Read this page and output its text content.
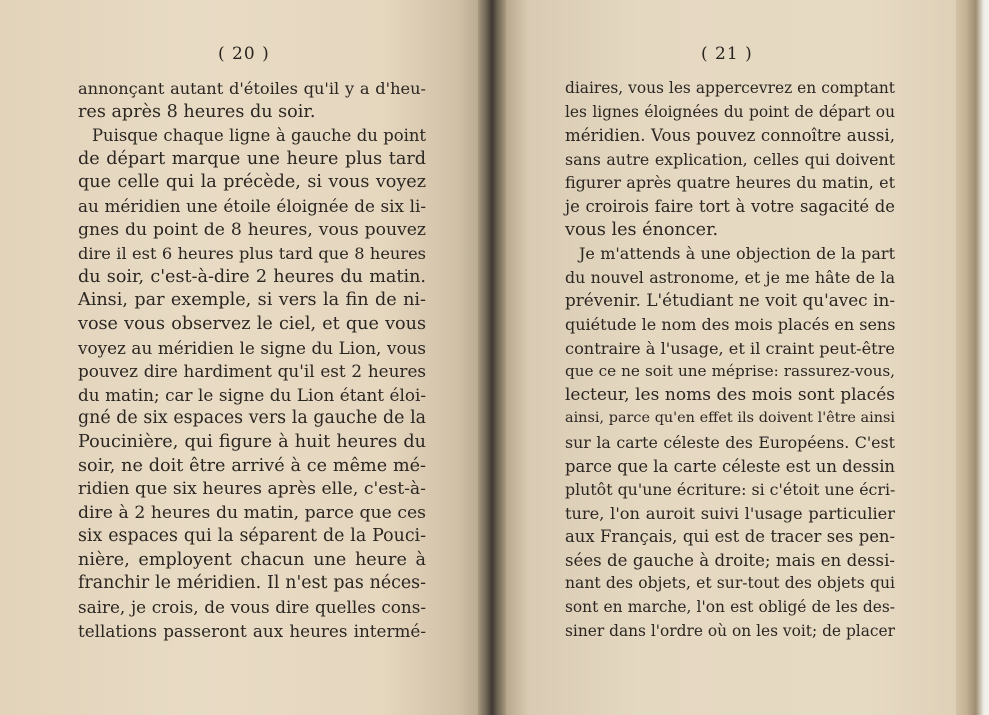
( 20 )
annonçant autant d'étoiles qu'il y a d'heu-
res après 8 heures du soir.
Puisque chaque ligne à gauche du point
de départ marque une heure plus tard
que celle qui la précède, si vous voyez
au méridien une étoile éloignée de six li-
gnes du point de 8 heures, vous pouvez
dire il est 6 heures plus tard que 8 heures
du soir, c'est-à-dire 2 heures du matin.
Ainsi, par exemple, si vers la fin de ni-
vose vous observez le ciel, et que vous
voyez au méridien le signe du Lion, vous
pouvez dire hardiment qu'il est 2 heures
du matin; car le signe du Lion étant éloi-
gné de six espaces vers la gauche de la
Poucinière, qui figure à huit heures du
soir, ne doit être arrivé à ce même mé-
ridien que six heures après elle, c'est-à-
dire à 2 heures du matin, parce que ces
six espaces qui la séparent de la Pouci-
nière, employent chacun une heure à
franchir le méridien. Il n'est pas néces-
saire, je crois, de vous dire quelles cons-
tellations passeront aux heures intermé-
( 21 )
diaires, vous les appercevrez en comptant
les lignes éloignées du point de départ ou
méridien. Vous pouvez connoître aussi,
sans autre explication, celles qui doivent
figurer après quatre heures du matin, et
je croirois faire tort à votre sagacité de
vous les énoncer.
Je m'attends à une objection de la part
du nouvel astronome, et je me hâte de la
prévenir. L'étudiant ne voit qu'avec in-
quiétude le nom des mois placés en sens
contraire à l'usage, et il craint peut-être
que ce ne soit une méprise: rassurez-vous,
lecteur, les noms des mois sont placés
ainsi, parce qu'en effet ils doivent l'être ainsi
sur la carte céleste des Européens. C'est
parce que la carte céleste est un dessin
plutôt qu'une écriture: si c'étoit une écri-
ture, l'on auroit suivi l'usage particulier
aux Français, qui est de tracer ses pen-
sées de gauche à droite; mais en dessi-
nant des objets, et sur-tout des objets qui
sont en marche, l'on est obligé de les des-
siner dans l'ordre où on les voit; de placer
